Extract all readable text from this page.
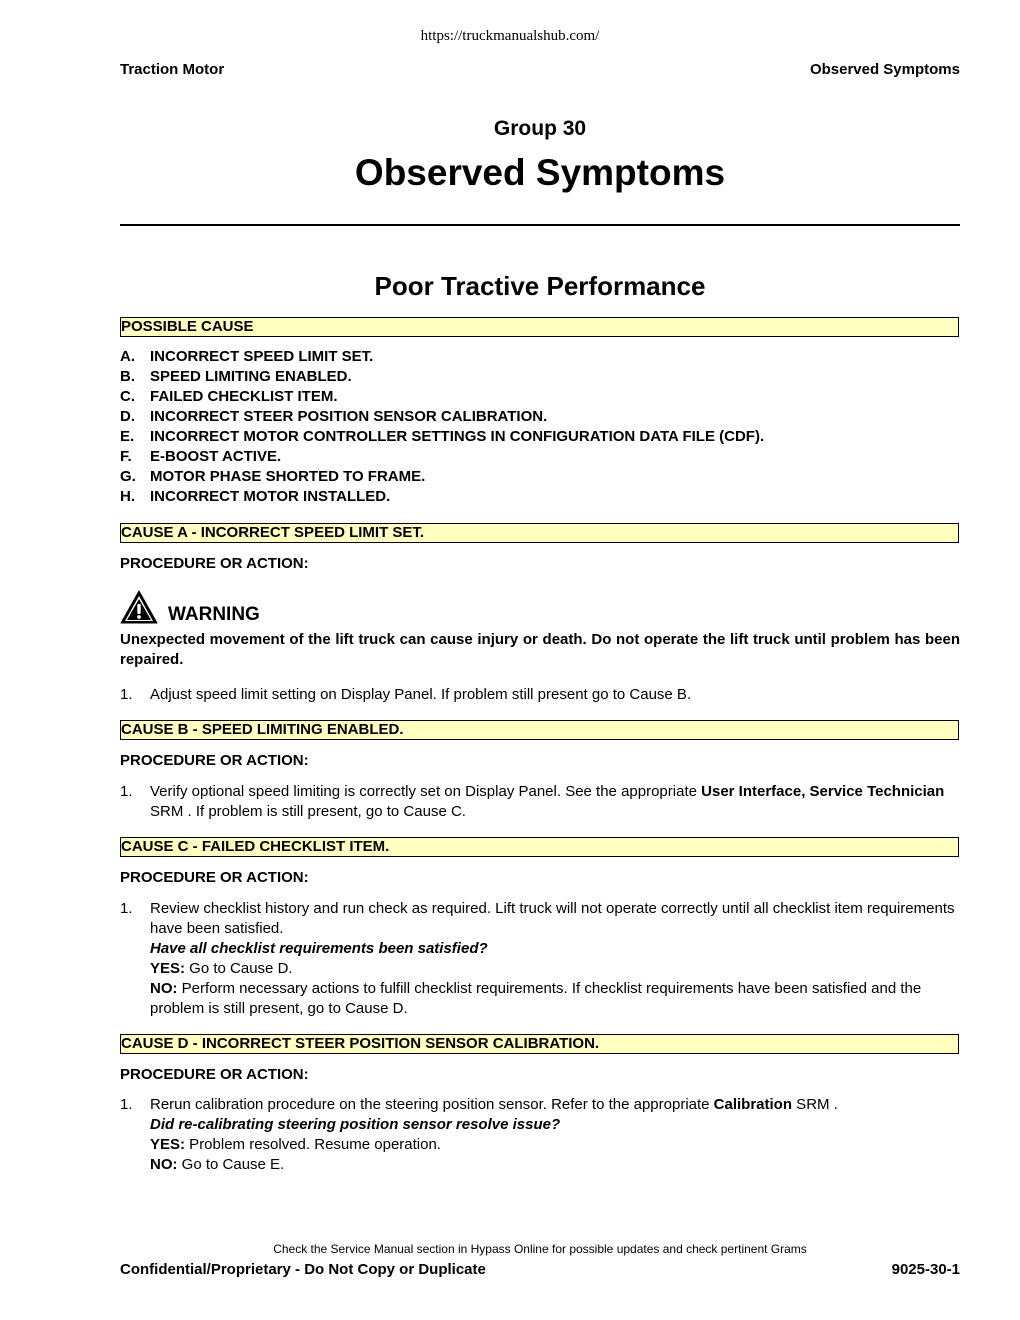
https://truckmanualshub.com/
Traction Motor	Observed Symptoms
Group 30
Observed Symptoms
Poor Tractive Performance
POSSIBLE CAUSE
A.	INCORRECT SPEED LIMIT SET.
B.	SPEED LIMITING ENABLED.
C.	FAILED CHECKLIST ITEM.
D.	INCORRECT STEER POSITION SENSOR CALIBRATION.
E.	INCORRECT MOTOR CONTROLLER SETTINGS IN CONFIGURATION DATA FILE (CDF).
F.	E-BOOST ACTIVE.
G. MOTOR PHASE SHORTED TO FRAME.
H.	INCORRECT MOTOR INSTALLED.
CAUSE A - INCORRECT SPEED LIMIT SET.
PROCEDURE OR ACTION:
WARNING
Unexpected movement of the lift truck can cause injury or death. Do not operate the lift truck until problem has been repaired.
1. Adjust speed limit setting on Display Panel. If problem still present go to Cause B.
CAUSE B - SPEED LIMITING ENABLED.
PROCEDURE OR ACTION:
1. Verify optional speed limiting is correctly set on Display Panel. See the appropriate User Interface, Service Technician SRM . If problem is still present, go to Cause C.
CAUSE C - FAILED CHECKLIST ITEM.
PROCEDURE OR ACTION:
1. Review checklist history and run check as required. Lift truck will not operate correctly until all checklist item requirements have been satisfied.
Have all checklist requirements been satisfied?
YES: Go to Cause D.
NO: Perform necessary actions to fulfill checklist requirements. If checklist requirements have been satisfied and the problem is still present, go to Cause D.
CAUSE D - INCORRECT STEER POSITION SENSOR CALIBRATION.
PROCEDURE OR ACTION:
1. Rerun calibration procedure on the steering position sensor. Refer to the appropriate Calibration SRM .
Did re-calibrating steering position sensor resolve issue?
YES: Problem resolved. Resume operation.
NO: Go to Cause E.
Check the Service Manual section in Hypass Online for possible updates and check pertinent Grams
Confidential/Proprietary - Do Not Copy or Duplicate	9025-30-1
